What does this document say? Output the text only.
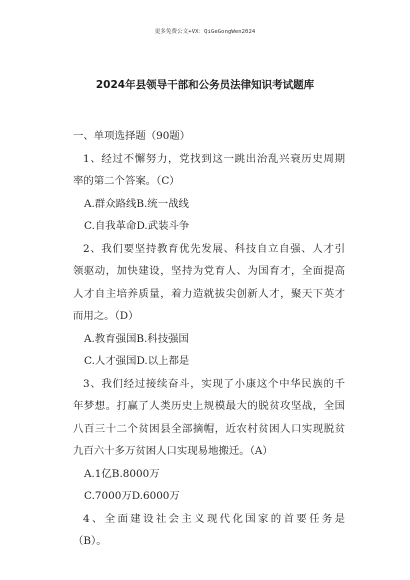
更多免费公文+VX：QiGeGongWen2024
2024年县领导干部和公务员法律知识考试题库
一、单项选择题（90题）
1、经过不懈努力，党找到这一跳出治乱兴衰历史周期
率的第二个答案。（C）
A.群众路线B.统一战线
C.自我革命D.武装斗争
2、我们要坚持教育优先发展、科技自立自强、人才引
领驱动，加快建设，坚持为党育人、为国育才，全面提高
人才自主培养质量，着力造就拔尖创新人才，聚天下英才
而用之。（D）
A.教育强国B.科技强国
C.人才强国D.以上都是
3、我们经过接续奋斗，实现了小康这个中华民族的千
年梦想。打赢了人类历史上规模最大的脱贫攻坚战，全国
八百三十二个贫困县全部摘帽，近农村贫困人口实现脱贫
九百六十多万贫困人口实现易地搬迁。（A）
A.1亿B.8000万
C.7000万D.6000万
4、全面建设社会主义现代化国家的首要任务是
（B）。
